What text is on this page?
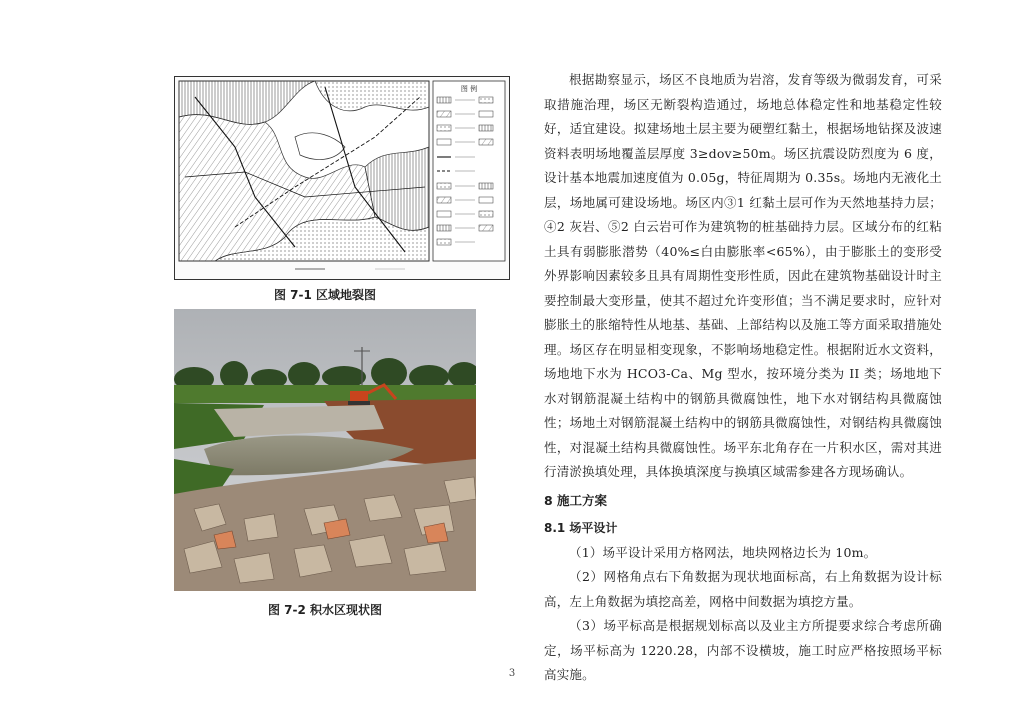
图 例
图 7-1 区域地裂图
图 7-2 积水区现状图

根据勘察显示，场区不良地质为岩溶，发育等级为微弱发育，可采取措施治理，场区无断裂构造通过，场地总体稳定性和地基稳定性较好，适宜建设。拟建场地土层主要为硬塑红黏土，根据场地钻探及波速资料表明场地覆盖层厚度 3≥dov≥50m。场区抗震设防烈度为 6 度，设计基本地震加速度值为 0.05g，特征周期为 0.35s。场地内无液化土层，场地属可建设场地。场区内③1 红黏土层可作为天然地基持力层；④2 灰岩、⑤2 白云岩可作为建筑物的桩基础持力层。区域分布的红粘土具有弱膨胀潜势（40%≤白由膨胀率<65%），由于膨胀土的变形受外界影响因素较多且具有周期性变形性质，因此在建筑物基础设计时主要控制最大变形量，使其不超过允许变形值；当不满足要求时，应针对膨胀土的胀缩特性从地基、基础、上部结构以及施工等方面采取措施处理。场区存在明显相变现象，不影响场地稳定性。根据附近水文资料，场地地下水为 HCO3-Ca、Mg 型水，按环境分类为 II 类；场地地下水对钢筋混凝土结构中的钢筋具微腐蚀性，地下水对钢结构具微腐蚀性；场地土对钢筋混凝土结构中的钢筋具微腐蚀性，对钢结构具微腐蚀性，对混凝土结构具微腐蚀性。场平东北角存在一片积水区，需对其进行清淤换填处理，具体换填深度与换填区域需参建各方现场确认。

8 施工方案
8.1 场平设计

（1）场平设计采用方格网法，地块网格边长为 10m。

（2）网格角点右下角数据为现状地面标高，右上角数据为设计标高，左上角数据为填挖高差，网格中间数据为填挖方量。

（3）场平标高是根据规划标高以及业主方所提要求综合考虑所确定，场平标高为 1220.28，内部不设横坡，施工时应严格按照场平标高实施。

3
